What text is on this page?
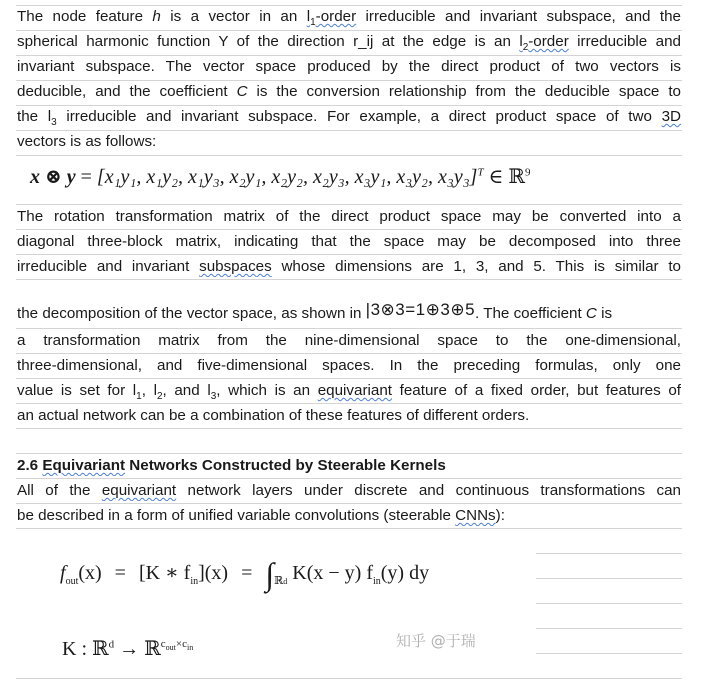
The node feature h is a vector in an $l_1$-order irreducible and invariant subspace, and the
spherical harmonic function Y of the direction r_ij at the edge is an $l_2$-order irreducible and
invariant subspace. The vector space produced by the direct product of two vectors is
deducible, and the coefficient C is the conversion relationship from the deducible space to
the $l_3$ irreducible and invariant subspace. For example, a direct product space of two 3D
vectors is as follows:
x ⊗ y = [x₁y₁, x₁y₂, x₁y₃, x₂y₁, x₂y₂, x₂y₃, x₃y₁, x₃y₂, x₃y₃]$^T$ ∈ ℝ$^9$
The rotation transformation matrix of the direct product space may be converted into a
diagonal three-block matrix, indicating that the space may be decomposed into three
irreducible and invariant subspaces whose dimensions are 1, 3, and 5. This is similar to
the decomposition of the vector space, as shown in |3⊗3=1⊕3⊕5. The coefficient C is
a transformation matrix from the nine-dimensional space to the one-dimensional,
three-dimensional, and five-dimensional spaces. In the preceding formulas, only one
value is set for $l_1$, $l_2$, and $l_3$, which is an equivariant feature of a fixed order, but features of
an actual network can be a combination of these features of different orders.
2.6 Equivariant Networks Constructed by Steerable Kernels
All of the equivariant network layers under discrete and continuous transformations can
be described in a form of unified variable convolutions (steerable CNNs):
$f_{out}(x) = [K$ ∗ $f_{in}](x) = \int_{ℝd}$ K(x − y) $f_{in}(y)$ dy
K : ℝ$^d$ → ℝ$^{c_{out}\times c_{in}}$	知乎 @于瑞
